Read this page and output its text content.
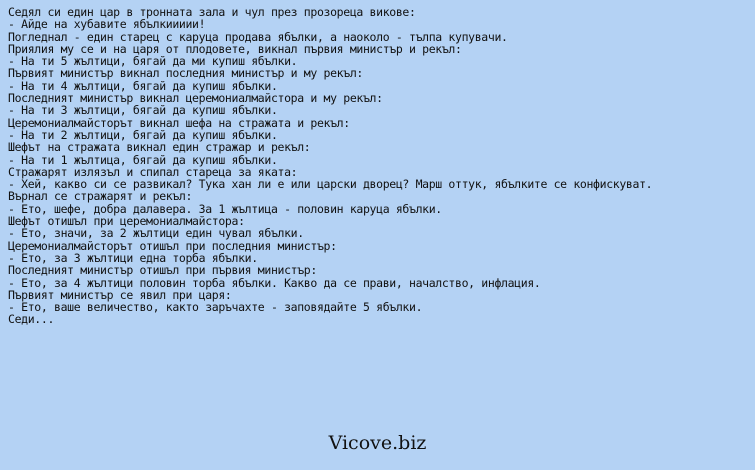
Седял си един цар в тронната зала и чул през прозореца викове:
- Айде на хубавите ябълкиииии!
Погледнал - един старец с каруца продава ябълки, а наоколо - тълпа купувачи.
Приялия му се и на царя от плодовете, викнал първия министър и рекъл:
- На ти 5 жълтици, бягай да ми купиш ябълки.
Първият министър викнал последния министър и му рекъл:
- На ти 4 жълтици, бягай да купиш ябълки.
Последният министър викнал церемониалмайстора и му рекъл:
- На ти 3 жълтици, бягай да купиш ябълки.
Церемониалмайсторът викнал шефа на стражата и рекъл:
- На ти 2 жълтици, бягай да купиш ябълки.
Шефът на стражата викнал един стражар и рекъл:
- На ти 1 жълтица, бягай да купиш ябълки.
Стражарят излязъл и спипал стареца за яката:
- Хей, какво си се развикал? Тука хан ли е или царски дворец? Марш оттук, ябълките се конфискуват.
Върнал се стражарят и рекъл:
- Ето, шефе, добра далавера. За 1 жълтица - половин каруца ябълки.
Шефът отишъл при церемониалмайстора:
- Ето, значи, за 2 жълтици един чувал ябълки.
Церемониалмайсторът отишъл при последния министър:
- Ето, за 3 жълтици една торба ябълки.
Последният министър отишъл при първия министър:
- Ето, за 4 жълтици половин торба ябълки. Какво да се прави, началство, инфлация.
Първият министър се явил при царя:
- Ето, ваше величество, както заръчахте - заповядайте 5 ябълки.
Седи...
Vicove.biz
